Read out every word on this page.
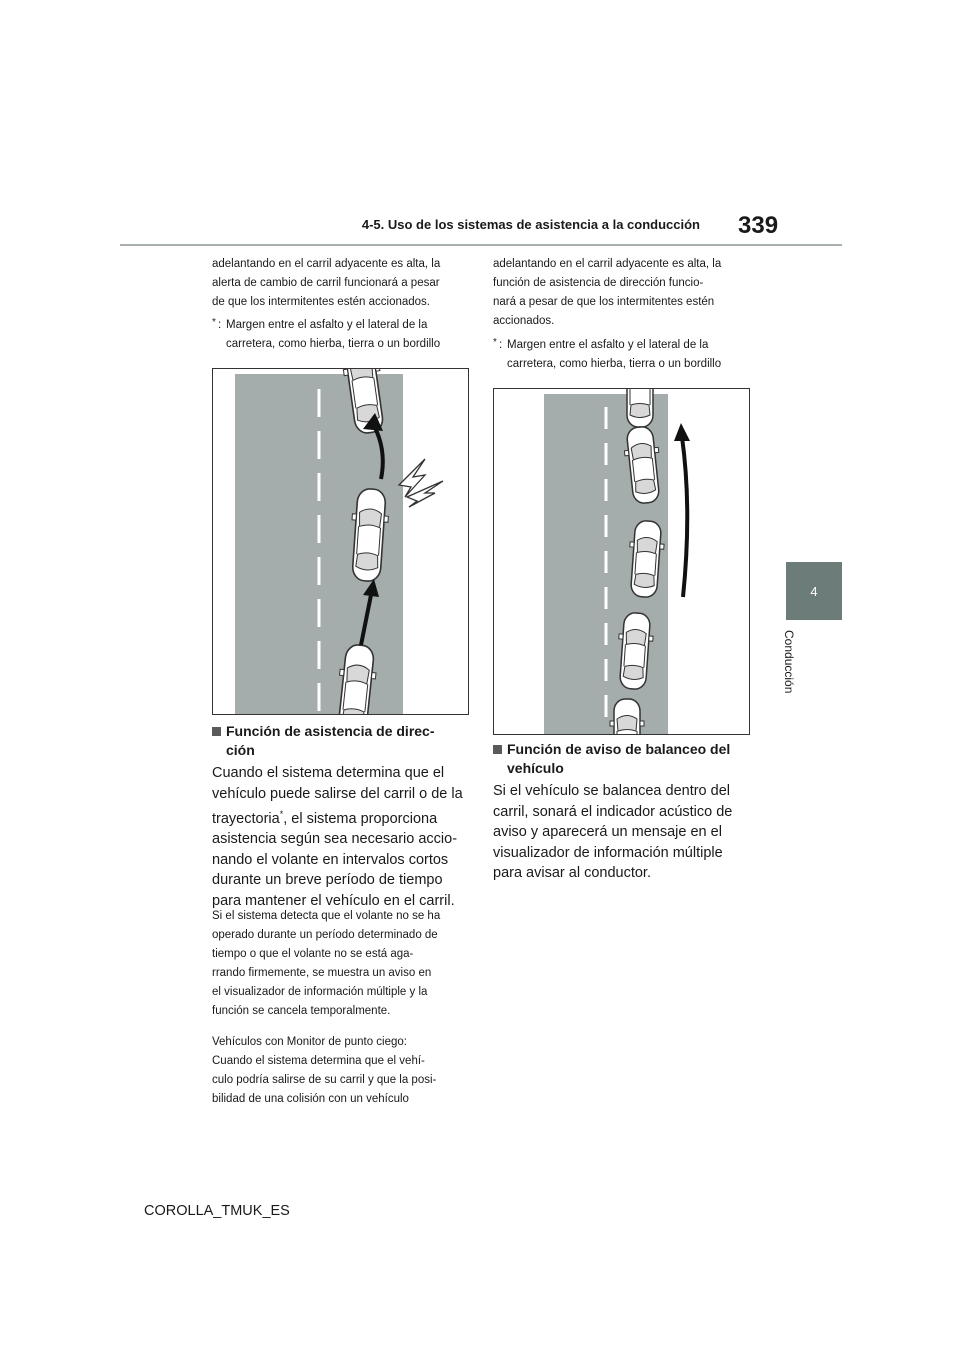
4-5. Uso de los sistemas de asistencia a la conducción 339
4
Conducción
adelantando en el carril adyacente es alta, la
alerta de cambio de carril funcionará a pesar
de que los intermitentes estén accionados.
* : Margen entre el asfalto y el lateral de la
carretera, como hierba, tierra o un bordillo
Función de asistencia de direc-
ción

Cuando el sistema determina que el

vehículo puede salirse del carril o de la

trayectoria*, el sistema proporciona

asistencia según sea necesario accio-

nando el volante en intervalos cortos

durante un breve período de tiempo

para mantener el vehículo en el carril.

Si el sistema detecta que el volante no se ha

operado durante un período determinado de

tiempo o que el volante no se está aga-

rrando firmemente, se muestra un aviso en

el visualizador de información múltiple y la

función se cancela temporalmente.

Vehículos con Monitor de punto ciego:

Cuando el sistema determina que el vehí-

culo podría salirse de su carril y que la posi-

bilidad de una colisión con un vehículo

adelantando en el carril adyacente es alta, la
función de asistencia de dirección funcio-
nará a pesar de que los intermitentes estén
accionados.
* : Margen entre el asfalto y el lateral de la
carretera, como hierba, tierra o un bordillo
Función de aviso de balanceo del
vehículo

Si el vehículo se balancea dentro del

carril, sonará el indicador acústico de

aviso y aparecerá un mensaje en el

visualizador de información múltiple

para avisar al conductor.

COROLLA_TMUK_ES
